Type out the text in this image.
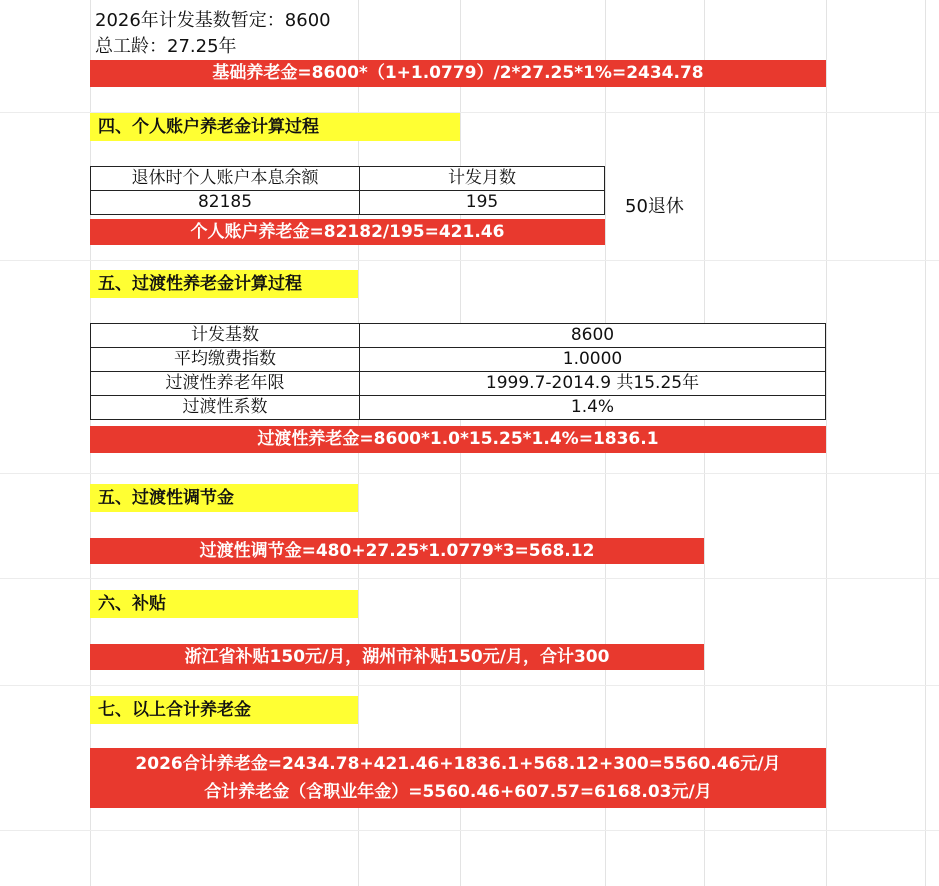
2026年计发基数暂定：8600
总工龄：27.25年
基础养老金=8600*（1+1.0779）/2*27.25*1%=2434.78
四、个人账户养老金计算过程
退休时个人账户本息余额	计发月数
82185	195	50退休
个人账户养老金=82182/195=421.46
五、过渡性养老金计算过程
计发基数	8600
平均缴费指数	1.0000
过渡性养老年限	1999.7-2014.9 共15.25年
过渡性系数	1.4%
过渡性养老金=8600*1.0*15.25*1.4%=1836.1
五、过渡性调节金
过渡性调节金=480+27.25*1.0779*3=568.12
六、补贴
浙江省补贴150元/月，湖州市补贴150元/月，合计300
七、以上合计养老金
2026合计养老金=2434.78+421.46+1836.1+568.12+300=5560.46元/月
合计养老金（含职业年金）=5560.46+607.57=6168.03元/月
